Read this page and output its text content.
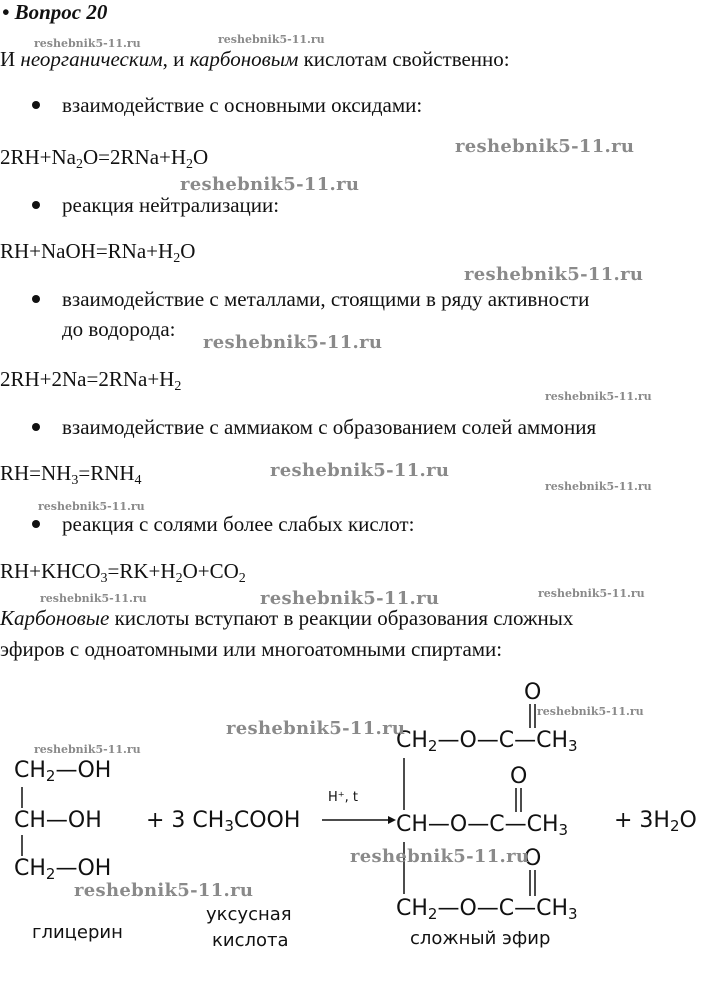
• Вопрос 20
И неорганическим, и карбоновым кислотам свойственно:
взаимодействие с основными оксидами:
$2RH+Na_2O=2RNa+H_2O$
реакция нейтрализации:
$RH+NaOH=RNa+H_2O$
взаимодействие с металлами, стоящими в ряду активности
до водорода:
$2RH+2Na=2RNa+H_2$
взаимодействие с аммиаком с образованием солей аммония
$RH=NH_3=RNH_4$
реакция с солями более слабых кислот:
$RH+KHCO_3=RK+H_2O+CO_2$
Карбоновые кислоты вступают в реакции образования сложных
эфиров с одноатомными или многоатомными спиртами:
$CH_2—OH$
CH—OH
$CH_2—OH$
+ 3 $CH_3COOH$
H⁺, t
$CH_2—O—C—CH_3$
$CH—O—C—CH_3$
$CH_2—O—C—CH_3$
O
O
O
+ $3H_2O$
глицерин
уксусная
кислота	сложный эфир
reshebnik5-11.ru	reshebnik5-11.ru
reshebnik5-11.ru
reshebnik5-11.ru
reshebnik5-11.ru
reshebnik5-11.ru
reshebnik5-11.ru
reshebnik5-11.ru
reshebnik5-11.ru
reshebnik5-11.ru
reshebnik5-11.ru	reshebnik5-11.ru	reshebnik5-11.ru
reshebnik5-11.ru
reshebnik5-11.ru
reshebnik5-11.ru
reshebnik5-11.ru
reshebnik5-11.ru
